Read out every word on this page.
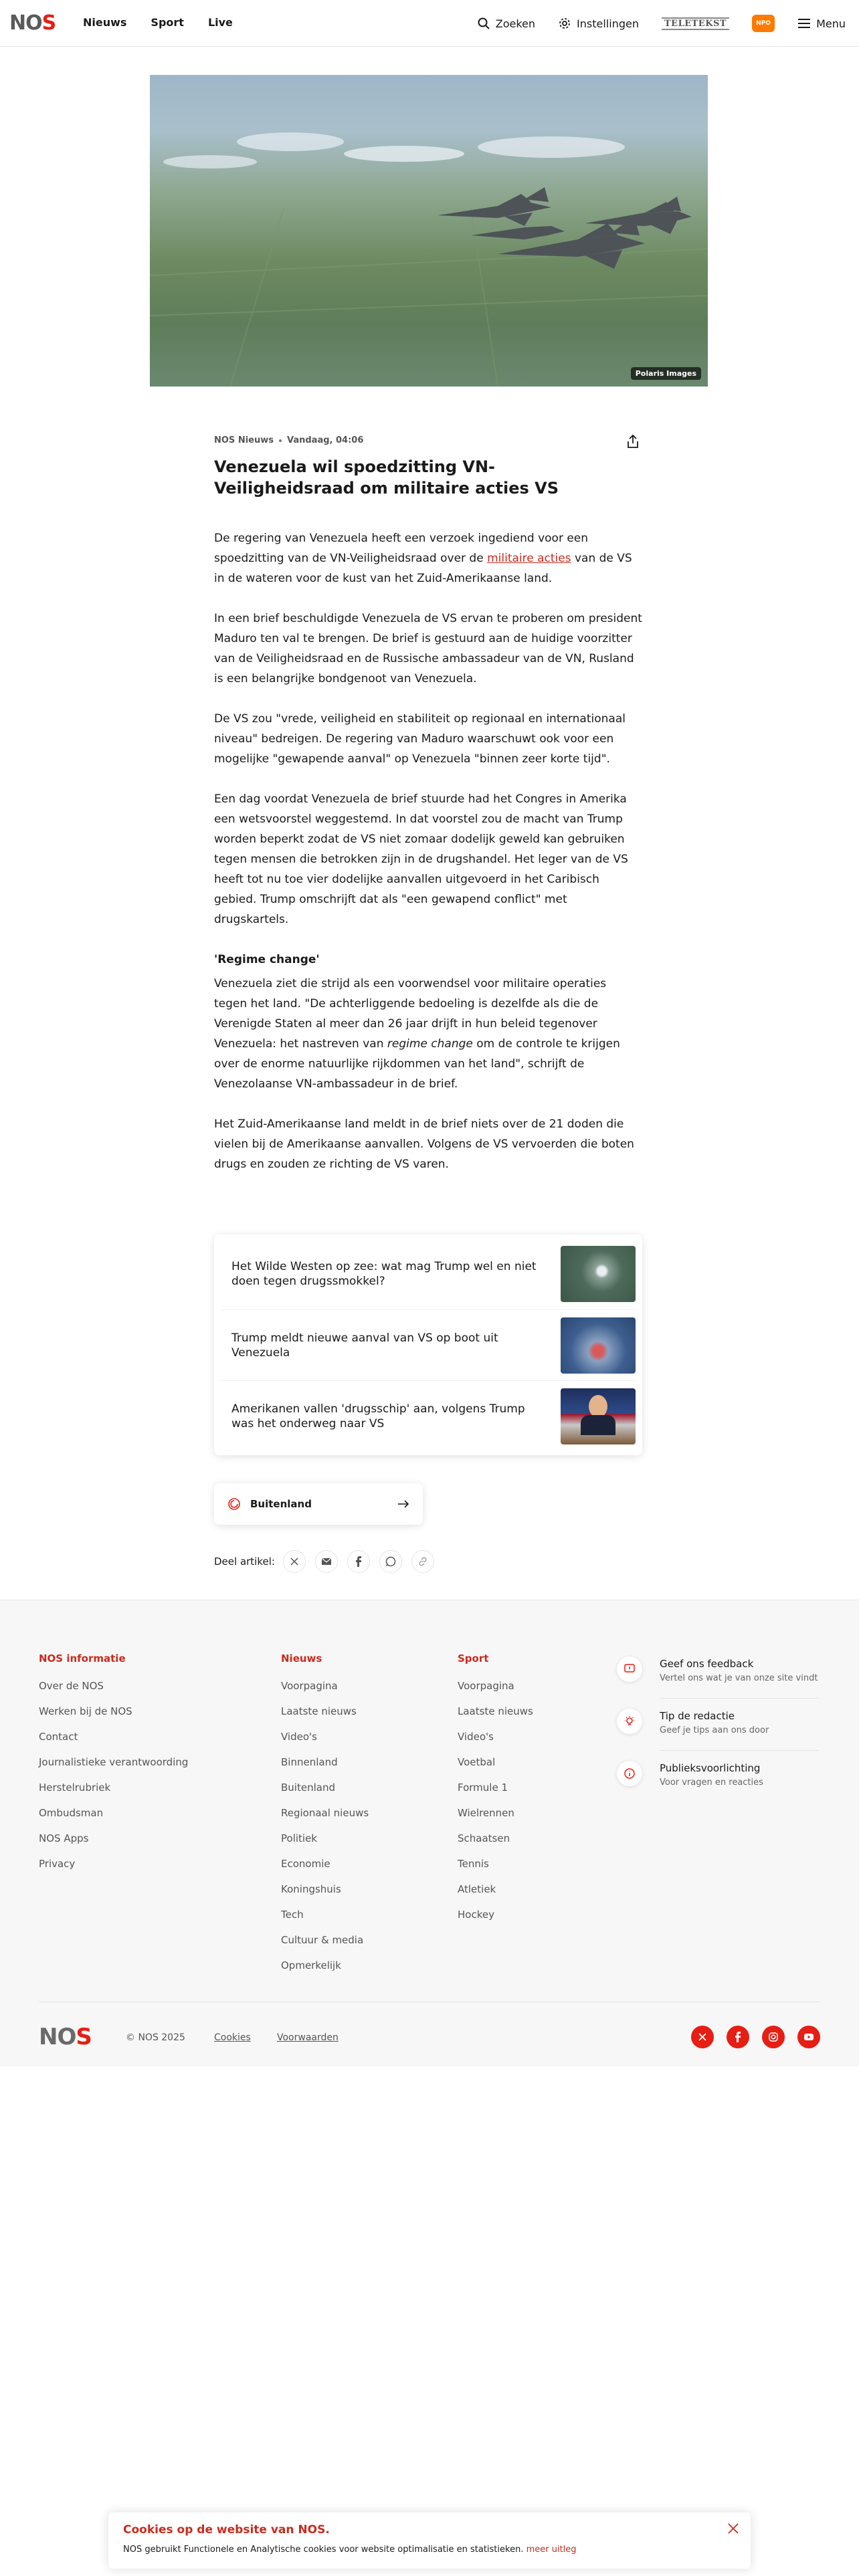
NOS	Nieuws Sport Live	Zoeken	Instellingen	TELETEKST	NPO	Menu
Polaris Images
NOS Nieuws Vandaag, 04:06
Venezuela wil spoedzitting VN-Veiligheidsraad om militaire acties VS

De regering van Venezuela heeft een verzoek ingediend voor een spoedzitting van de VN-Veiligheidsraad over de militaire acties van de VS in de wateren voor de kust van het Zuid-Amerikaanse land.

In een brief beschuldigde Venezuela de VS ervan te proberen om president Maduro ten val te brengen. De brief is gestuurd aan de huidige voorzitter van de Veiligheidsraad en de Russische ambassadeur van de VN, Rusland is een belangrijke bondgenoot van Venezuela.

De VS zou "vrede, veiligheid en stabiliteit op regionaal en internationaal niveau" bedreigen. De regering van Maduro waarschuwt ook voor een mogelijke "gewapende aanval" op Venezuela "binnen zeer korte tijd".

Een dag voordat Venezuela de brief stuurde had het Congres in Amerika een wetsvoorstel weggestemd. In dat voorstel zou de macht van Trump worden beperkt zodat de VS niet zomaar dodelijk geweld kan gebruiken tegen mensen die betrokken zijn in de drugshandel. Het leger van de VS heeft tot nu toe vier dodelijke aanvallen uitgevoerd in het Caribisch gebied. Trump omschrijft dat als "een gewapend conflict" met drugskartels.

'Regime change'

Venezuela ziet die strijd als een voorwendsel voor militaire operaties tegen het land. "De achterliggende bedoeling is dezelfde als die de Verenigde Staten al meer dan 26 jaar drijft in hun beleid tegenover Venezuela: het nastreven van regime change om de controle te krijgen over de enorme natuurlijke rijkdommen van het land", schrijft de Venezolaanse VN-ambassadeur in de brief.

Het Zuid-Amerikaanse land meldt in de brief niets over de 21 doden die vielen bij de Amerikaanse aanvallen. Volgens de VS vervoerden die boten drugs en zouden ze richting de VS varen.

Het Wilde Westen op zee: wat mag Trump wel en niet doen tegen drugssmokkel?
Trump meldt nieuwe aanval van VS op boot uit Venezuela
Amerikanen vallen 'drugsschip' aan, volgens Trump was het onderweg naar VS
Buitenland
Deel artikel:
NOS informatie
Over de NOS
Werken bij de NOS
Contact
Journalistieke verantwoording
Herstelrubriek
Ombudsman
NOS Apps
Privacy
Nieuws
Voorpagina
Laatste nieuws
Video's
Binnenland
Buitenland
Regionaal nieuws
Politiek
Economie
Koningshuis
Tech
Cultuur & media
Opmerkelijk
Sport
Voorpagina
Laatste nieuws
Video's
Voetbal
Formule 1
Wielrennen
Schaatsen
Tennis
Atletiek
Hockey
Geef ons feedback
Vertel ons wat je van onze site vindt
Tip de redactie
Geef je tips aan ons door
Publieksvoorlichting
Voor vragen en reacties
NOS	© NOS 2025	Cookies	Voorwaarden
Cookies op de website van NOS.
NOS gebruikt Functionele en Analytische cookies voor website optimalisatie en statistieken. meer uitleg
